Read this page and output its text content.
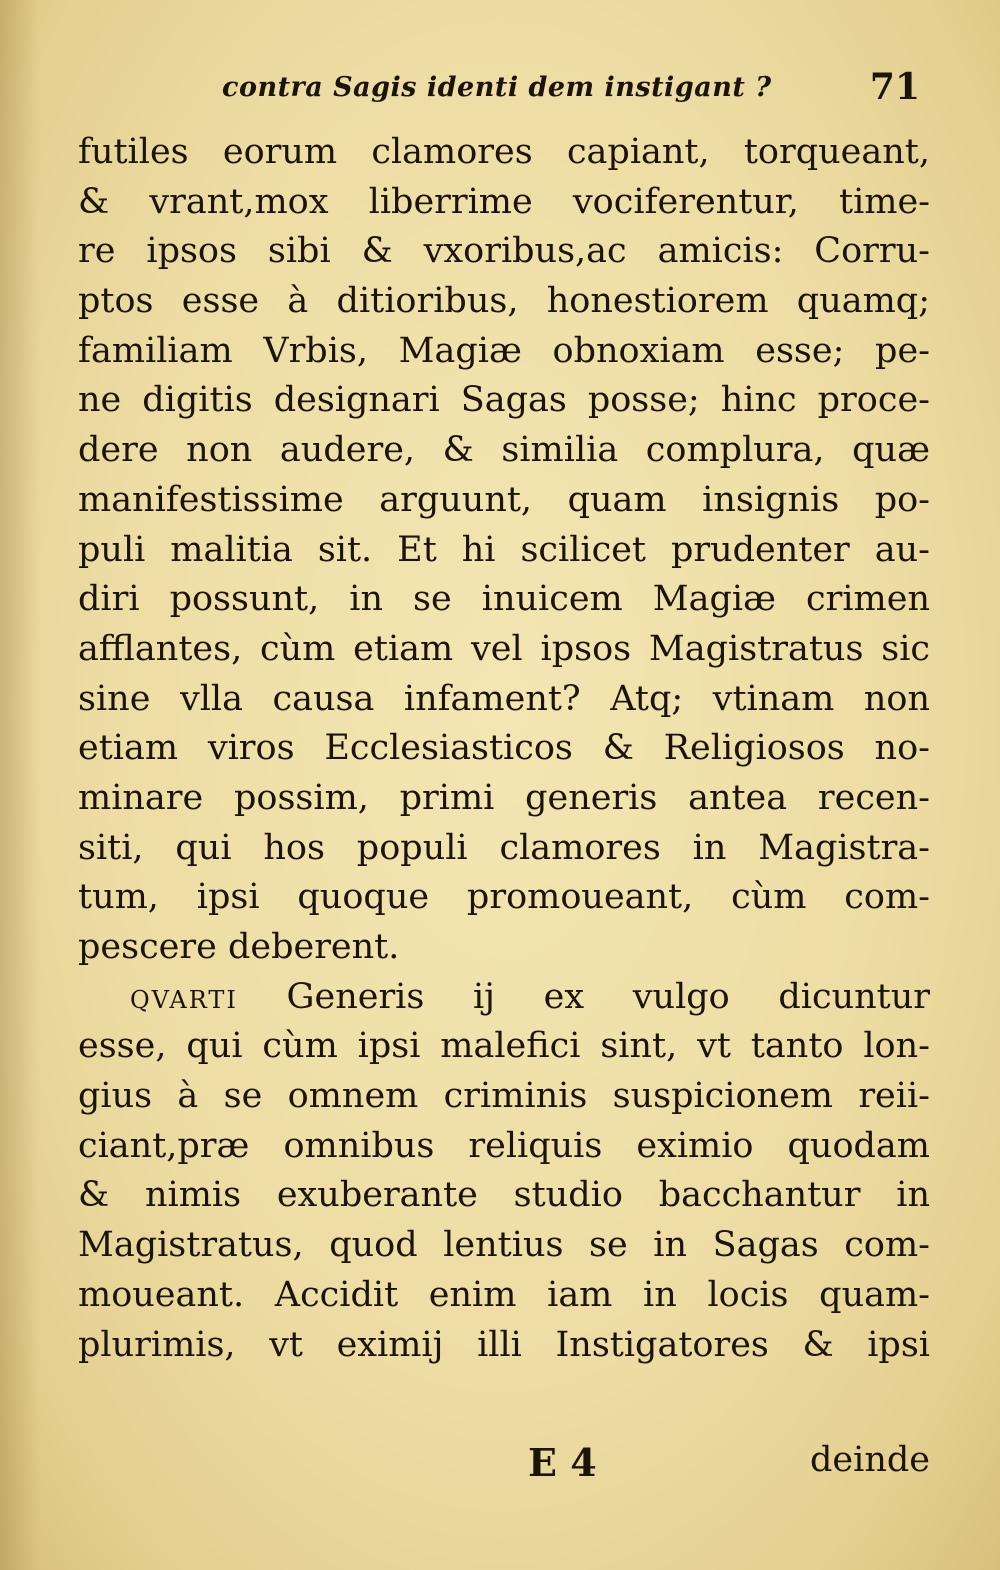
contra Sagis identi dem instigant ?	71
futiles eorum clamores capiant, torqueant,
& vrant,mox liberrime vociferentur, time-
re ipsos sibi & vxoribus,ac amicis: Corru-
ptos esse à ditioribus, honestiorem quamq;
familiam Vrbis, Magiæ obnoxiam esse; pe-
ne digitis designari Sagas posse; hinc proce-
dere non audere, & similia complura, quæ
manifestissime arguunt, quam insignis po-
puli malitia sit. Et hi scilicet prudenter au-
diri possunt, in se inuicem Magiæ crimen
afflantes, cùm etiam vel ipsos Magistratus sic
sine vlla causa infament? Atq; vtinam non
etiam viros Ecclesiasticos & Religiosos no-
minare possim, primi generis antea recen-
siti, qui hos populi clamores in Magistra-
tum, ipsi quoque promoueant, cùm com-
pescere deberent.
QVARTI Generis ij ex vulgo dicuntur
esse, qui cùm ipsi malefici sint, vt tanto lon-
gius à se omnem criminis suspicionem reii-
ciant,præ omnibus reliquis eximio quodam
& nimis exuberante studio bacchantur in
Magistratus, quod lentius se in Sagas com-
moueant. Accidit enim iam in locis quam-
plurimis, vt eximij illi Instigatores & ipsi
E 4	deinde
